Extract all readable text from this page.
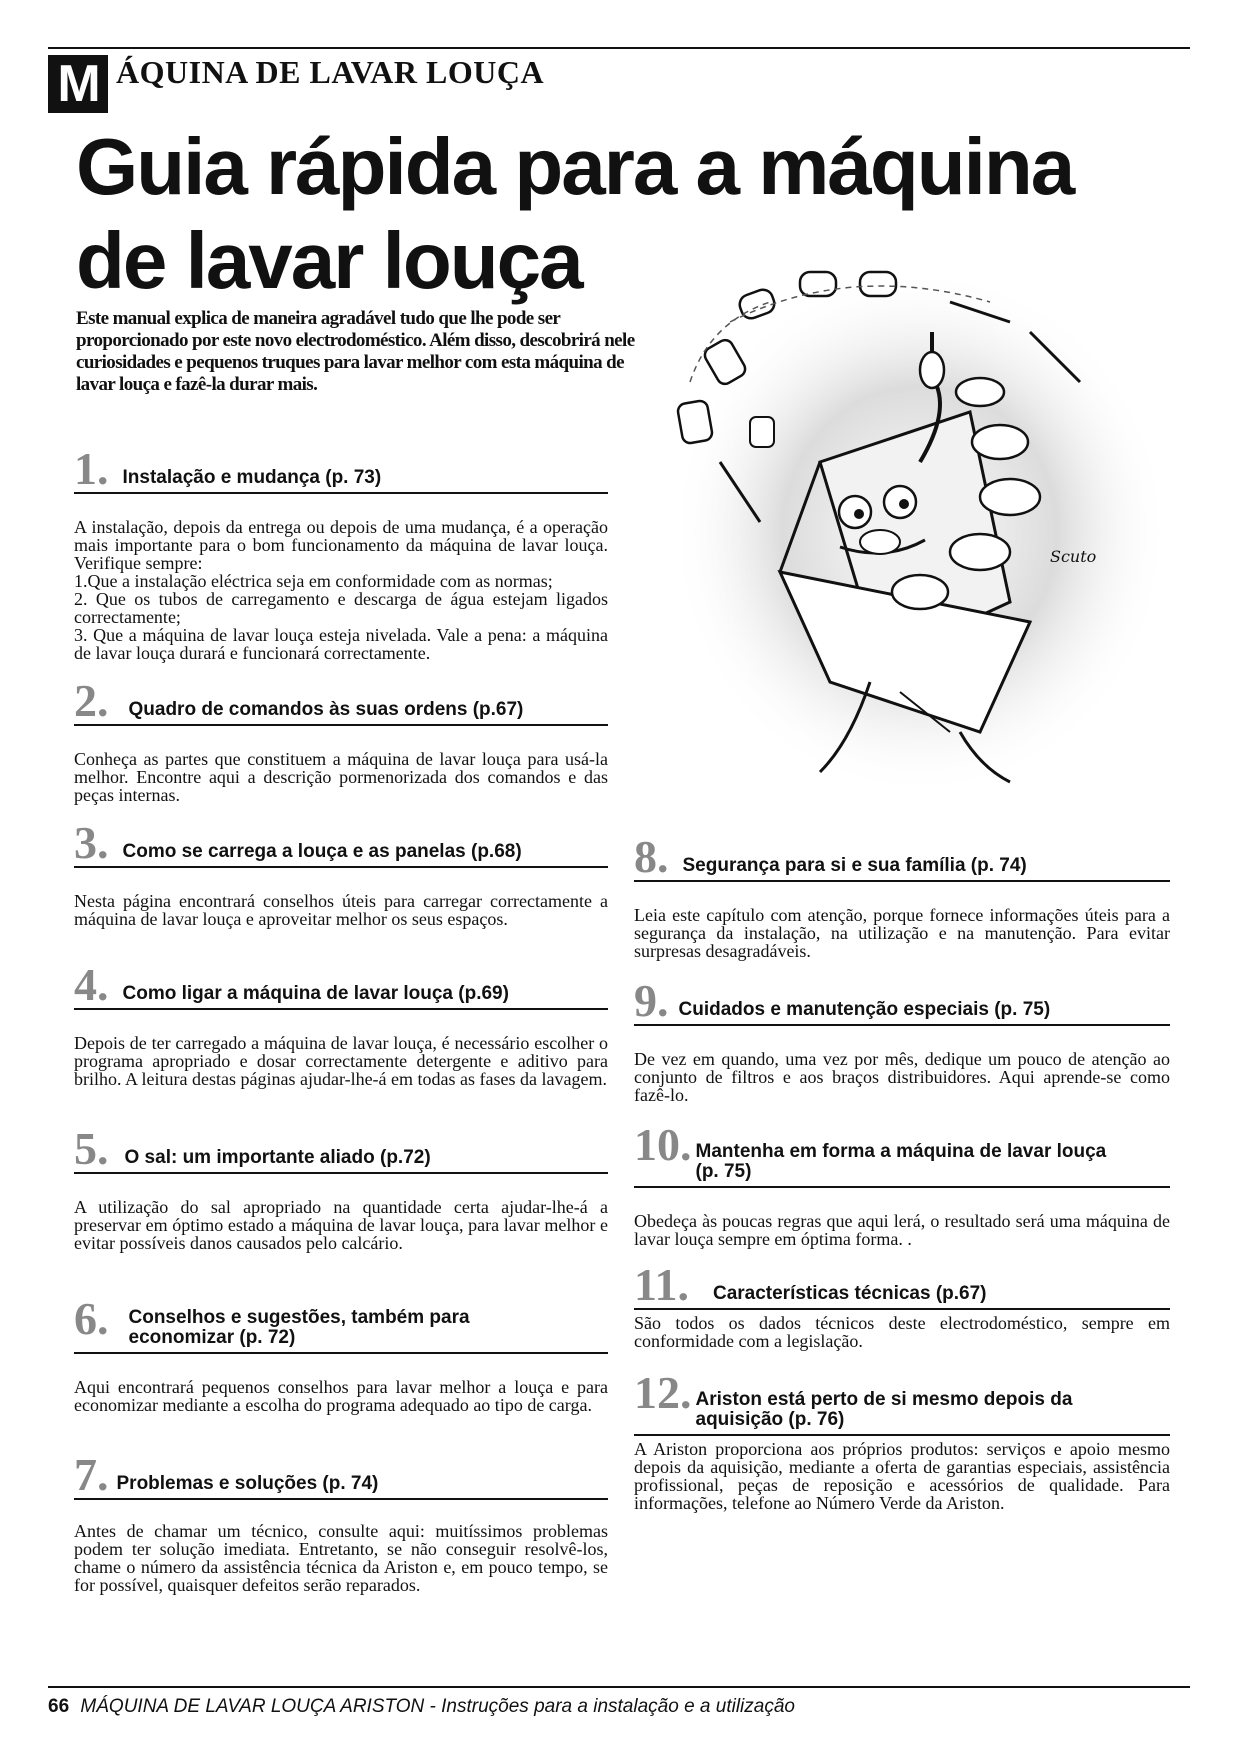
M ÁQUINA DE LAVAR LOUÇA
Guia rápida para a máquina
de lavar louça
Este manual explica de maneira agradável tudo que lhe pode ser proporcionado por este novo electrodoméstico. Além disso, descobrirá nele curiosidades e pequenos truques para lavar melhor com esta máquina de lavar louça e fazê-la durar mais.
1. Instalação e mudança (p. 73)
A instalação, depois da entrega ou depois de uma mudança, é a operação mais importante para o bom funcionamento da máquina de lavar louça. Verifique sempre:
1.Que a instalação eléctrica seja em conformidade com as normas;
2. Que os tubos de carregamento e descarga de água estejam ligados correctamente;
3. Que a máquina de lavar louça esteja nivelada. Vale a pena: a máquina de lavar louça durará e funcionará correctamente.
2. Quadro de comandos às suas ordens (p.67)
Conheça as partes que constituem a máquina de lavar louça para usá-la melhor. Encontre aqui a descrição pormenorizada dos comandos e das peças internas.
3. Como se carrega a louça e as panelas (p.68)
Nesta página encontrará conselhos úteis para carregar correctamente a máquina de lavar louça e aproveitar melhor os seus espaços.
4. Como ligar a máquina de lavar louça (p.69)
Depois de ter carregado a máquina de lavar louça, é necessário escolher o programa apropriado e dosar correctamente detergente e aditivo para brilho. A leitura destas páginas ajudar-lhe-á em todas as fases da lavagem.
5. O sal: um importante aliado (p.72)
A utilização do sal apropriado na quantidade certa ajudar-lhe-á a preservar em óptimo estado a máquina de lavar louça, para lavar melhor e evitar possíveis danos causados pelo calcário.
6. Conselhos e sugestões, também para economizar (p. 72)
Aqui encontrará pequenos conselhos para lavar melhor a louça e para economizar mediante a escolha do programa adequado ao tipo de carga.
7. Problemas e soluções (p. 74)
Antes de chamar um técnico, consulte aqui: muitíssimos problemas podem ter solução imediata. Entretanto, se não conseguir resolvê-los, chame o número da assistência técnica da Ariston e, em pouco tempo, se for possível, quaisquer defeitos serão reparados.
Scuto
8. Segurança para si e sua família (p. 74)
Leia este capítulo com atenção, porque fornece informações úteis para a segurança da instalação, na utilização e na manutenção. Para evitar surpresas desagradáveis.
9. Cuidados e manutenção especiais (p. 75)
De vez em quando, uma vez por mês, dedique um pouco de atenção ao conjunto de filtros e aos braços distribuidores. Aqui aprende-se como fazê-lo.
10. Mantenha em forma a máquina de lavar louça (p. 75)
Obedeça às poucas regras que aqui lerá, o resultado será uma máquina de lavar louça sempre em óptima forma. .
11. Características técnicas (p.67)
São todos os dados técnicos deste electrodoméstico, sempre em conformidade com a legislação.
12. Ariston está perto de si mesmo depois da aquisição (p. 76)
A Ariston proporciona aos próprios produtos: serviços e apoio mesmo depois da aquisição, mediante a oferta de garantias especiais, assistência profissional, peças de reposição e acessórios de qualidade. Para informações, telefone ao Número Verde da Ariston.
66 MÁQUINA DE LAVAR LOUÇA ARISTON - Instruções para a instalação e a utilização
